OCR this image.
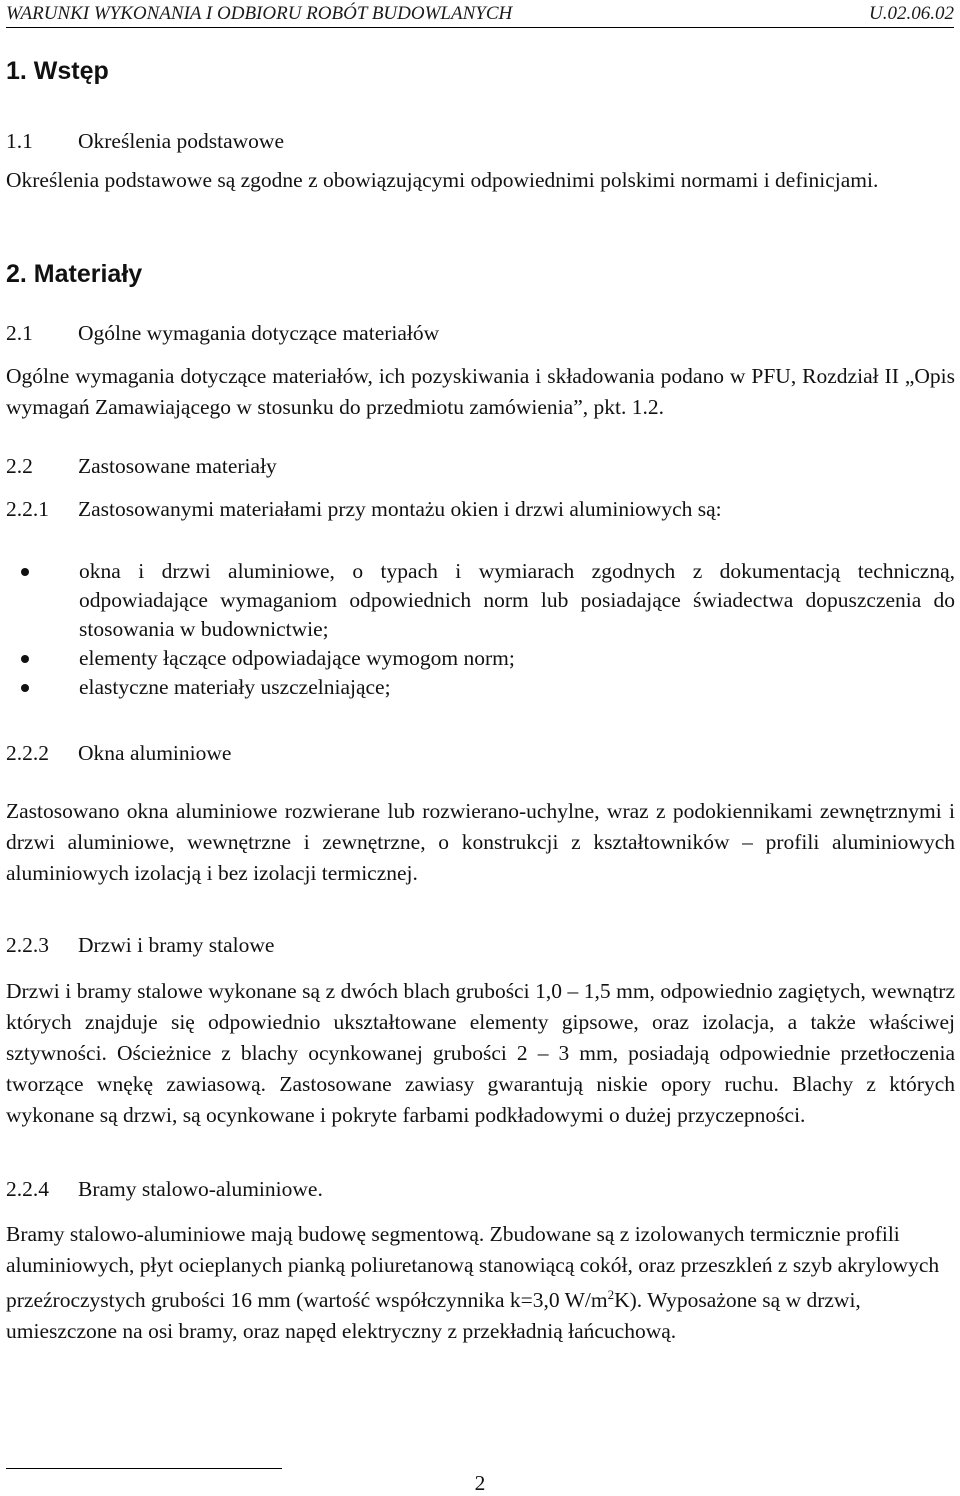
WARUNKI WYKONANIA I ODBIORU ROBÓT BUDOWLANYCH	U.02.06.02
1. Wstęp
1.1 Określenia podstawowe
Określenia podstawowe są zgodne z obowiązującymi odpowiednimi polskimi normami i definicjami.
2. Materiały
2.1 Ogólne wymagania dotyczące materiałów
Ogólne wymagania dotyczące materiałów, ich pozyskiwania i składowania podano w PFU, Rozdział II „Opis wymagań Zamawiającego w stosunku do przedmiotu zamówienia”, pkt. 1.2.
2.2 Zastosowane materiały
2.2.1 Zastosowanymi materiałami przy montażu okien i drzwi aluminiowych są:
okna i drzwi aluminiowe, o typach i wymiarach zgodnych z dokumentacją techniczną, odpowiadające wymaganiom odpowiednich norm lub posiadające świadectwa dopuszczenia do stosowania w budownictwie;
elementy łączące odpowiadające wymogom norm;
elastyczne materiały uszczelniające;
2.2.2 Okna aluminiowe
Zastosowano okna aluminiowe rozwierane lub rozwierano-uchylne, wraz z podokiennikami zewnętrznymi i drzwi aluminiowe, wewnętrzne i zewnętrzne, o konstrukcji z kształtowników – profili aluminiowych aluminiowych izolacją i bez izolacji termicznej.
2.2.3 Drzwi i bramy stalowe
Drzwi i bramy stalowe wykonane są z dwóch blach grubości 1,0 – 1,5 mm, odpowiednio zagiętych, wewnątrz których znajduje się odpowiednio ukształtowane elementy gipsowe, oraz izolacja, a także właściwej sztywności. Ościeżnice z blachy ocynkowanej grubości 2 – 3 mm, posiadają odpowiednie przetłoczenia tworzące wnękę zawiasową. Zastosowane zawiasy gwarantują niskie opory ruchu. Blachy z których wykonane są drzwi, są ocynkowane i pokryte farbami podkładowymi o dużej przyczepności.
2.2.4 Bramy stalowo-aluminiowe.
Bramy stalowo-aluminiowe mają budowę segmentową. Zbudowane są z izolowanych termicznie profili aluminiowych, płyt ocieplanych pianką poliuretanową stanowiącą cokół, oraz przeszkleń z szyb akrylowych przeźroczystych grubości 16 mm (wartość współczynnika k=3,0 $W/m^2K$). Wyposażone są w drzwi, umieszczone na osi bramy, oraz napęd elektryczny z przekładnią łańcuchową.
2
